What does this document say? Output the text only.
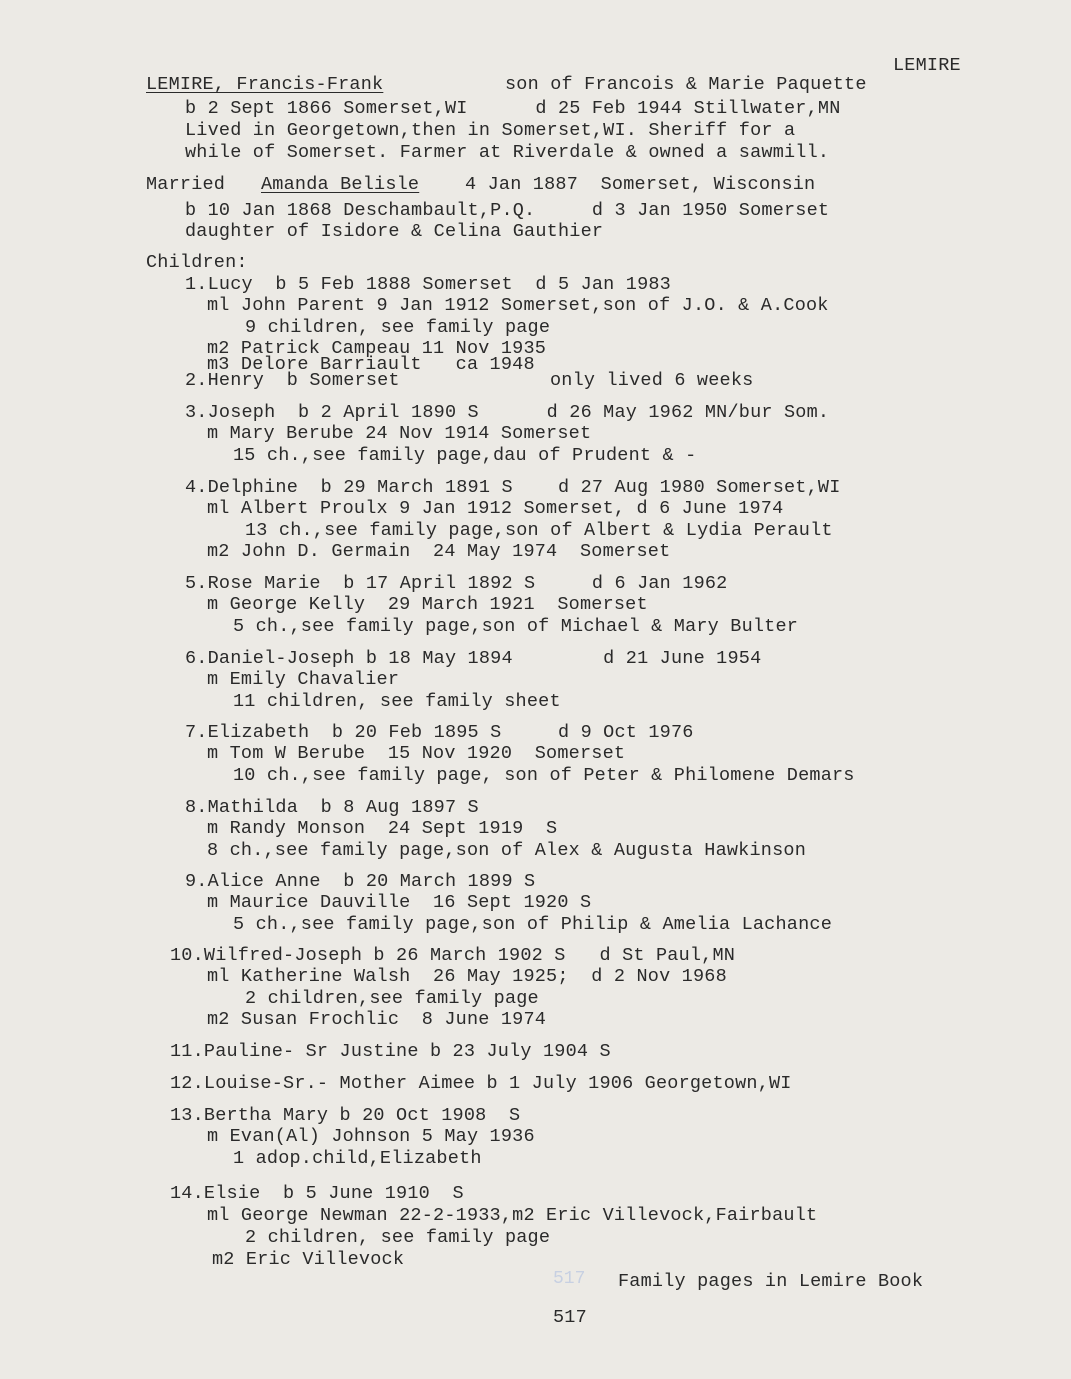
517
LEMIRE
LEMIRE, Francis-Frank	son of Francois & Marie Paquette
b 2 Sept 1866 Somerset,WI      d 25 Feb 1944 Stillwater,MN
Lived in Georgetown,then in Somerset,WI. Sheriff for a
while of Somerset. Farmer at Riverdale & owned a sawmill.
Married Amanda Belisle 4 Jan 1887  Somerset, Wisconsin
b 10 Jan 1868 Deschambault,P.Q.     d 3 Jan 1950 Somerset
daughter of Isidore & Celina Gauthier
Children:
1.Lucy  b 5 Feb 1888 Somerset  d 5 Jan 1983
ml John Parent 9 Jan 1912 Somerset,son of J.O. & A.Cook
9 children, see family page
m2 Patrick Campeau 11 Nov 1935
m3 Delore Barriault   ca 1948
2.Henry  b Somerset	only lived 6 weeks
3.Joseph  b 2 April 1890 S      d 26 May 1962 MN/bur Som.
m Mary Berube 24 Nov 1914 Somerset
15 ch.,see family page,dau of Prudent & -
4.Delphine  b 29 March 1891 S    d 27 Aug 1980 Somerset,WI
ml Albert Proulx 9 Jan 1912 Somerset, d 6 June 1974
13 ch.,see family page,son of Albert & Lydia Perault
m2 John D. Germain  24 May 1974  Somerset
5.Rose Marie  b 17 April 1892 S     d 6 Jan 1962
m George Kelly  29 March 1921  Somerset
5 ch.,see family page,son of Michael & Mary Bulter
6.Daniel-Joseph b 18 May 1894        d 21 June 1954
m Emily Chavalier
11 children, see family sheet
7.Elizabeth  b 20 Feb 1895 S     d 9 Oct 1976
m Tom W Berube  15 Nov 1920  Somerset
10 ch.,see family page, son of Peter & Philomene Demars
8.Mathilda  b 8 Aug 1897 S
m Randy Monson  24 Sept 1919  S
8 ch.,see family page,son of Alex & Augusta Hawkinson
9.Alice Anne  b 20 March 1899 S
m Maurice Dauville  16 Sept 1920 S
5 ch.,see family page,son of Philip & Amelia Lachance
10.Wilfred-Joseph b 26 March 1902 S   d St Paul,MN
ml Katherine Walsh  26 May 1925;  d 2 Nov 1968
2 children,see family page
m2 Susan Frochlic  8 June 1974
11.Pauline- Sr Justine b 23 July 1904 S
12.Louise-Sr.- Mother Aimee b 1 July 1906 Georgetown,WI
13.Bertha Mary b 20 Oct 1908  S
m Evan(Al) Johnson 5 May 1936
1 adop.child,Elizabeth
14.Elsie  b 5 June 1910  S
ml George Newman 22-2-1933,m2 Eric Villevock,Fairbault
2 children, see family page
m2 Eric Villevock
Family pages in Lemire Book
517
